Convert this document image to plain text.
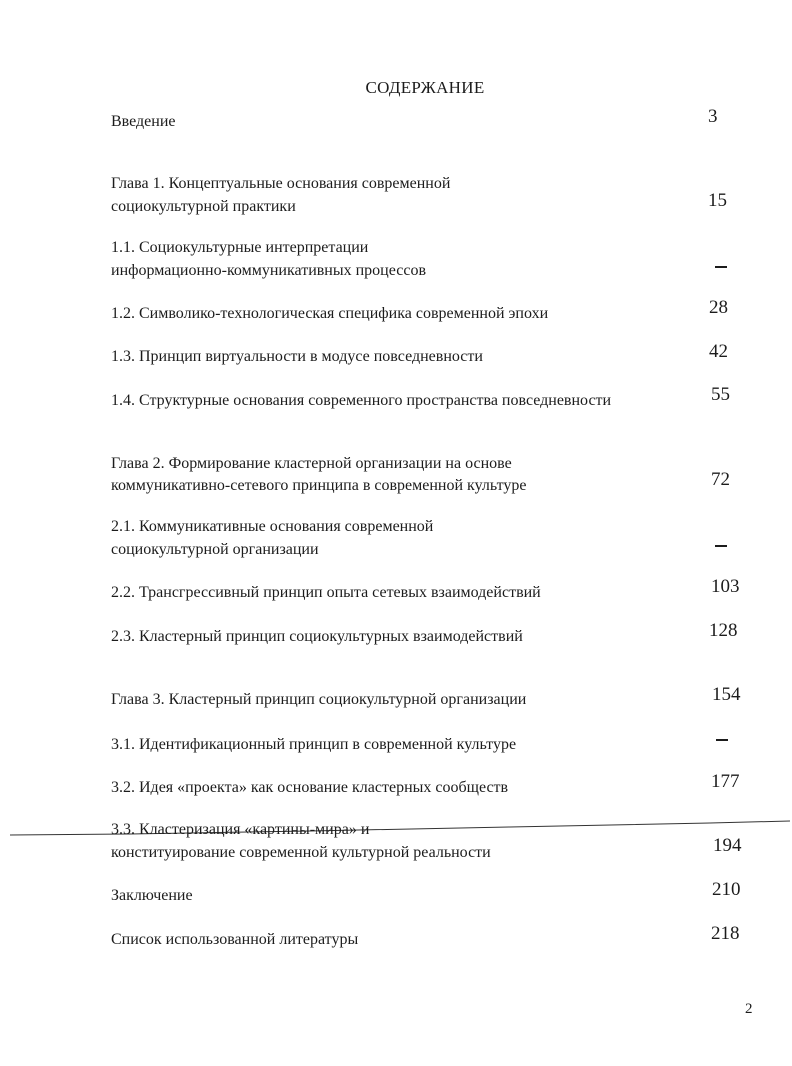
СОДЕРЖАНИЕ
Введение	3
Глава 1. Концептуальные основания современной
социокультурной практики	15
1.1. Социокультурные интерпретации
информационно-коммуникативных процессов
1.2. Символико-технологическая специфика современной эпохи	28
1.3. Принцип виртуальности в модусе повседневности	42
1.4. Структурные основания современного пространства повседневности	55
Глава 2. Формирование кластерной организации на основе
коммуникативно-сетевого принципа в современной культуре	72
2.1. Коммуникативные основания современной
социокультурной организации
2.2. Трансгрессивный принцип опыта сетевых взаимодействий	103
2.3. Кластерный принцип социокультурных взаимодействий	128
Глава 3. Кластерный принцип социокультурной организации	154
3.1. Идентификационный принцип в современной культуре
3.2. Идея «проекта» как основание кластерных сообществ	177
3.3. Кластеризация «картины-мира» и
конституирование современной культурной реальности	194
Заключение	210
Список использованной литературы	218
2
